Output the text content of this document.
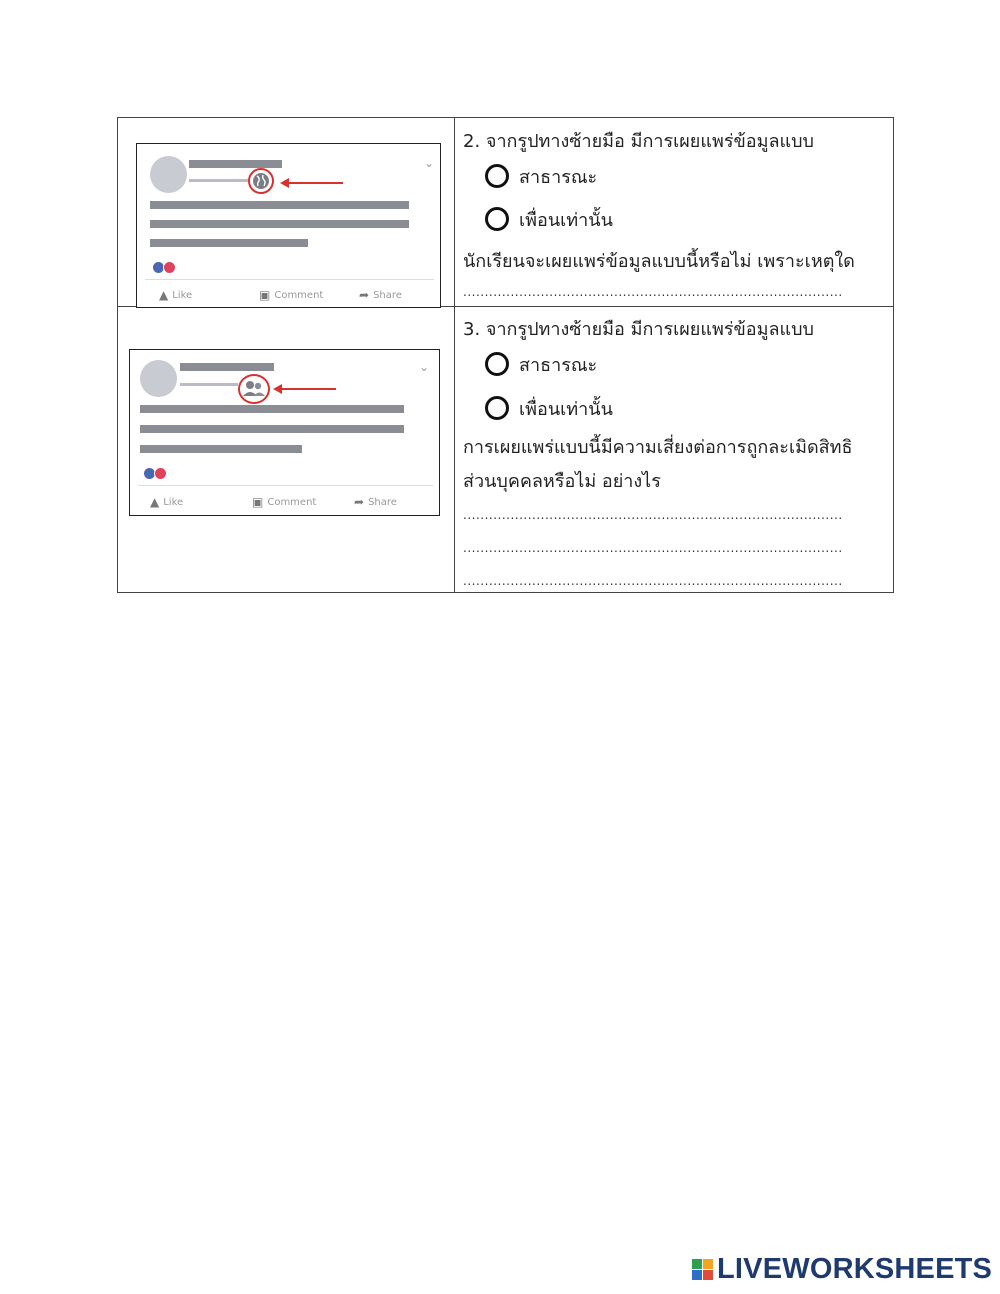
⌄
▲ Like	▣ Comment	➦ Share
2. จากรูปทางซ้ายมือ มีการเผยแพร่ข้อมูลแบบ
สาธารณะ
เพื่อนเท่านั้น
นักเรียนจะเผยแพร่ข้อมูลแบบนี้หรือไม่ เพราะเหตุใด
........................................................................................
⌄
▲ Like	▣ Comment	➦ Share
3. จากรูปทางซ้ายมือ มีการเผยแพร่ข้อมูลแบบ
สาธารณะ
เพื่อนเท่านั้น
การเผยแพร่แบบนี้มีความเสี่ยงต่อการถูกละเมิดสิทธิ
ส่วนบุคคลหรือไม่ อย่างไร
........................................................................................
........................................................................................
........................................................................................
LIVEWORKSHEETS
